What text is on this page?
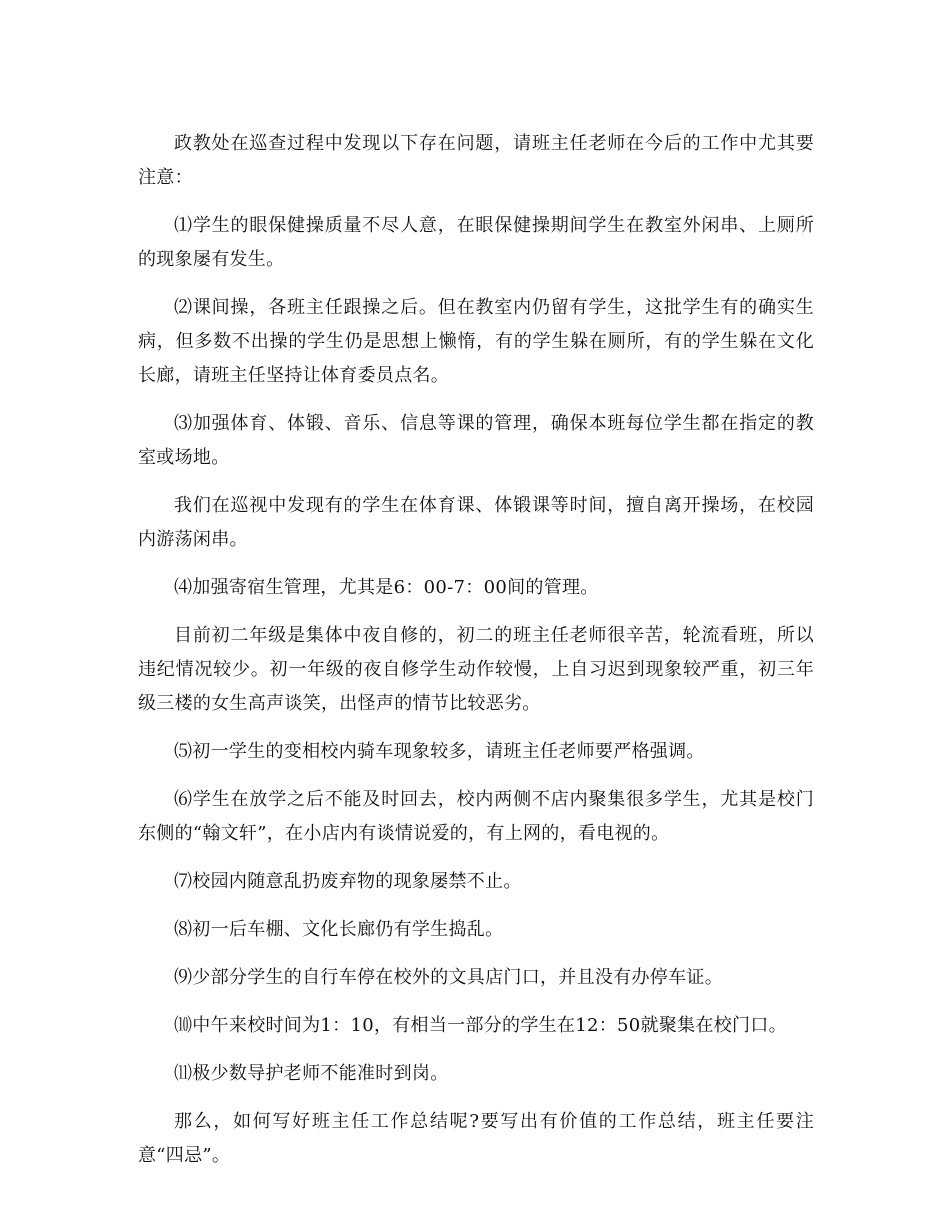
政教处在巡查过程中发现以下存在问题，请班主任老师在今后的工作中尤其要注意：

⑴学生的眼保健操质量不尽人意，在眼保健操期间学生在教室外闲串、上厕所的现象屡有发生。

⑵课间操，各班主任跟操之后。但在教室内仍留有学生，这批学生有的确实生病，但多数不出操的学生仍是思想上懒惰，有的学生躲在厕所，有的学生躲在文化长廊，请班主任坚持让体育委员点名。

⑶加强体育、体锻、音乐、信息等课的管理，确保本班每位学生都在指定的教室或场地。

我们在巡视中发现有的学生在体育课、体锻课等时间，擅自离开操场，在校园内游荡闲串。

⑷加强寄宿生管理，尤其是6：00-7：00间的管理。

目前初二年级是集体中夜自修的，初二的班主任老师很辛苦，轮流看班，所以违纪情况较少。初一年级的夜自修学生动作较慢，上自习迟到现象较严重，初三年级三楼的女生高声谈笑，出怪声的情节比较恶劣。

⑸初一学生的变相校内骑车现象较多，请班主任老师要严格强调。

⑹学生在放学之后不能及时回去，校内两侧不店内聚集很多学生，尤其是校门东侧的“翰文轩”，在小店内有谈情说爱的，有上网的，看电视的。

⑺校园内随意乱扔废弃物的现象屡禁不止。

⑻初一后车棚、文化长廊仍有学生捣乱。

⑼少部分学生的自行车停在校外的文具店门口，并且没有办停车证。

⑽中午来校时间为1：10，有相当一部分的学生在12：50就聚集在校门口。

⑾极少数导护老师不能准时到岗。

那么，如何写好班主任工作总结呢?要写出有价值的工作总结，班主任要注意“四忌”。
